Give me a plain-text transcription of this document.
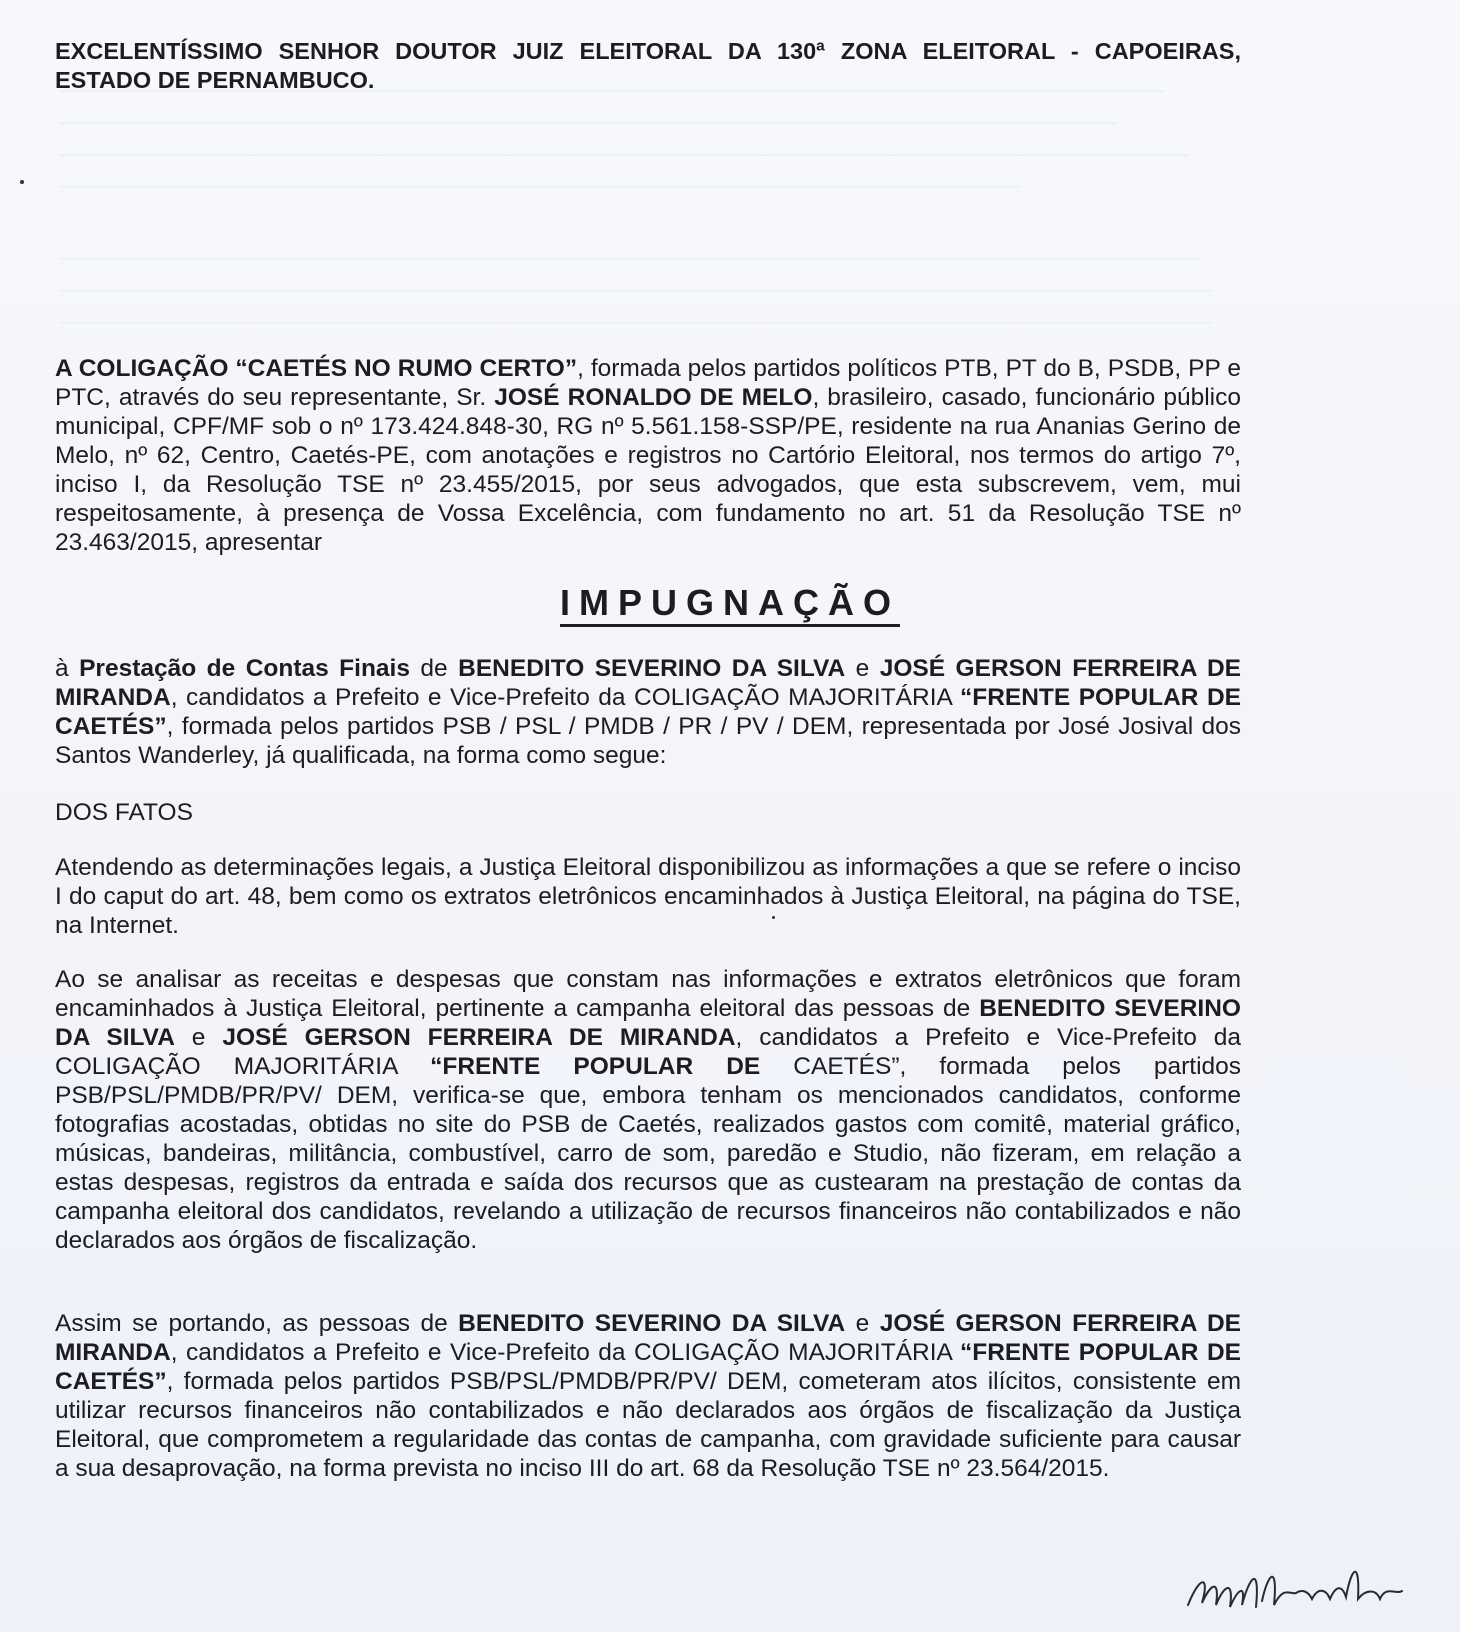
EXCELENTÍSSIMO SENHOR DOUTOR JUIZ ELEITORAL DA 130ª ZONA ELEITORAL - CAPOEIRAS, ESTADO DE PERNAMBUCO.
A COLIGAÇÃO “CAETÉS NO RUMO CERTO”, formada pelos partidos políticos PTB, PT do B, PSDB, PP e PTC, através do seu representante, Sr. JOSÉ RONALDO DE MELO, brasileiro, casado, funcionário público municipal, CPF/MF sob o nº 173.424.848-30, RG nº 5.561.158-SSP/PE, residente na rua Ananias Gerino de Melo, nº 62, Centro, Caetés-PE, com anotações e registros no Cartório Eleitoral, nos termos do artigo 7º, inciso I, da Resolução TSE nº 23.455/2015, por seus advogados, que esta subscrevem, vem, mui respeitosamente, à presença de Vossa Excelência, com fundamento no art. 51 da Resolução TSE nº 23.463/2015, apresentar
IMPUGNAÇÃO
à Prestação de Contas Finais de BENEDITO SEVERINO DA SILVA e JOSÉ GERSON FERREIRA DE MIRANDA, candidatos a Prefeito e Vice-Prefeito da COLIGAÇÃO MAJORITÁRIA “FRENTE POPULAR DE CAETÉS”, formada pelos partidos PSB / PSL / PMDB / PR / PV / DEM, representada por José Josival dos Santos Wanderley, já qualificada, na forma como segue:
DOS FATOS
Atendendo as determinações legais, a Justiça Eleitoral disponibilizou as informações a que se refere o inciso I do caput do art. 48, bem como os extratos eletrônicos encaminhados à Justiça Eleitoral, na página do TSE, na Internet.
Ao se analisar as receitas e despesas que constam nas informações e extratos eletrônicos que foram encaminhados à Justiça Eleitoral, pertinente a campanha eleitoral das pessoas de BENEDITO SEVERINO DA SILVA e JOSÉ GERSON FERREIRA DE MIRANDA, candidatos a Prefeito e Vice-Prefeito da COLIGAÇÃO MAJORITÁRIA “FRENTE POPULAR DE CAETÉS”, formada pelos partidos PSB/PSL/PMDB/PR/PV/ DEM, verifica-se que, embora tenham os mencionados candidatos, conforme fotografias acostadas, obtidas no site do PSB de Caetés, realizados gastos com comitê, material gráfico, músicas, bandeiras, militância, combustível, carro de som, paredão e Studio, não fizeram, em relação a estas despesas, registros da entrada e saída dos recursos que as custearam na prestação de contas da campanha eleitoral dos candidatos, revelando a utilização de recursos financeiros não contabilizados e não declarados aos órgãos de fiscalização.
Assim se portando, as pessoas de BENEDITO SEVERINO DA SILVA e JOSÉ GERSON FERREIRA DE MIRANDA, candidatos a Prefeito e Vice-Prefeito da COLIGAÇÃO MAJORITÁRIA “FRENTE POPULAR DE CAETÉS”, formada pelos partidos PSB/PSL/PMDB/PR/PV/ DEM, cometeram atos ilícitos, consistente em utilizar recursos financeiros não contabilizados e não declarados aos órgãos de fiscalização da Justiça Eleitoral, que comprometem a regularidade das contas de campanha, com gravidade suficiente para causar a sua desaprovação, na forma prevista no inciso III do art. 68 da Resolução TSE nº 23.564/2015.
